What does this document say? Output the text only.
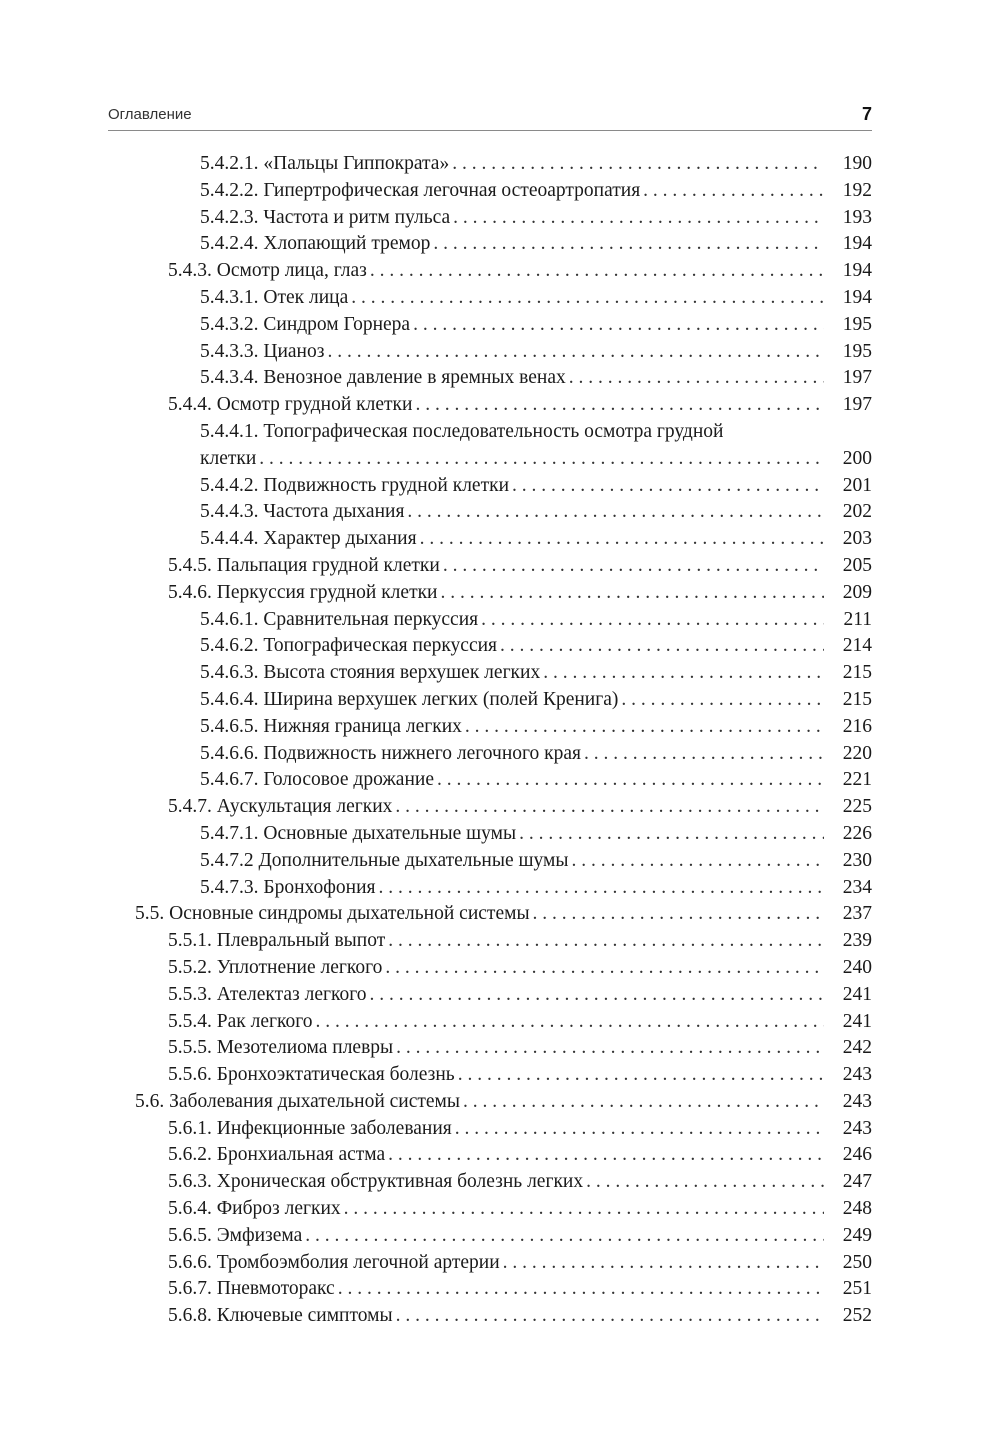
Оглавление	7
5.4.2.1. «Пальцы Гиппократа» . . .	190
5.4.2.2. Гипертрофическая легочная остеоартропатия . . .	192
5.4.2.3. Частота и ритм пульса . . .	193
5.4.2.4. Хлопающий тремор . . .	194
5.4.3. Осмотр лица, глаз . . .	194
5.4.3.1. Отек лица . . .	194
5.4.3.2. Синдром Горнера . . .	195
5.4.3.3. Цианоз . . .	195
5.4.3.4. Венозное давление в яремных венах . . .	197
5.4.4. Осмотр грудной клетки . . .	197
5.4.4.1. Топографическая последовательность осмотра грудной
клетки . . .	200
5.4.4.2. Подвижность грудной клетки . . .	201
5.4.4.3. Частота дыхания . . .	202
5.4.4.4. Характер дыхания . . .	203
5.4.5. Пальпация грудной клетки . . .	205
5.4.6. Перкуссия грудной клетки . . .	209
5.4.6.1. Сравнительная перкуссия . . .	211
5.4.6.2. Топографическая перкуссия . . .	214
5.4.6.3. Высота стояния верхушек легких . . .	215
5.4.6.4. Ширина верхушек легких (полей Кренига) . . .	215
5.4.6.5. Нижняя граница легких . . .	216
5.4.6.6. Подвижность нижнего легочного края . . .	220
5.4.6.7. Голосовое дрожание . . .	221
5.4.7. Аускультация легких . . .	225
5.4.7.1. Основные дыхательные шумы . . .	226
5.4.7.2 Дополнительные дыхательные шумы . . .	230
5.4.7.3. Бронхофония . . .	234
5.5. Основные синдромы дыхательной системы . . .	237
5.5.1. Плевральный выпот . . .	239
5.5.2. Уплотнение легкого . . .	240
5.5.3. Ателектаз легкого . . .	241
5.5.4. Рак легкого . . .	241
5.5.5. Мезотелиома плевры . . .	242
5.5.6. Бронхоэктатическая болезнь . . .	243
5.6. Заболевания дыхательной системы . . .	243
5.6.1. Инфекционные заболевания . . .	243
5.6.2. Бронхиальная астма . . .	246
5.6.3. Хроническая обструктивная болезнь легких . . .	247
5.6.4. Фиброз легких . . .	248
5.6.5. Эмфизема . . .	249
5.6.6. Тромбоэмболия легочной артерии . . .	250
5.6.7. Пневмоторакс . . .	251
5.6.8. Ключевые симптомы . . .	252
